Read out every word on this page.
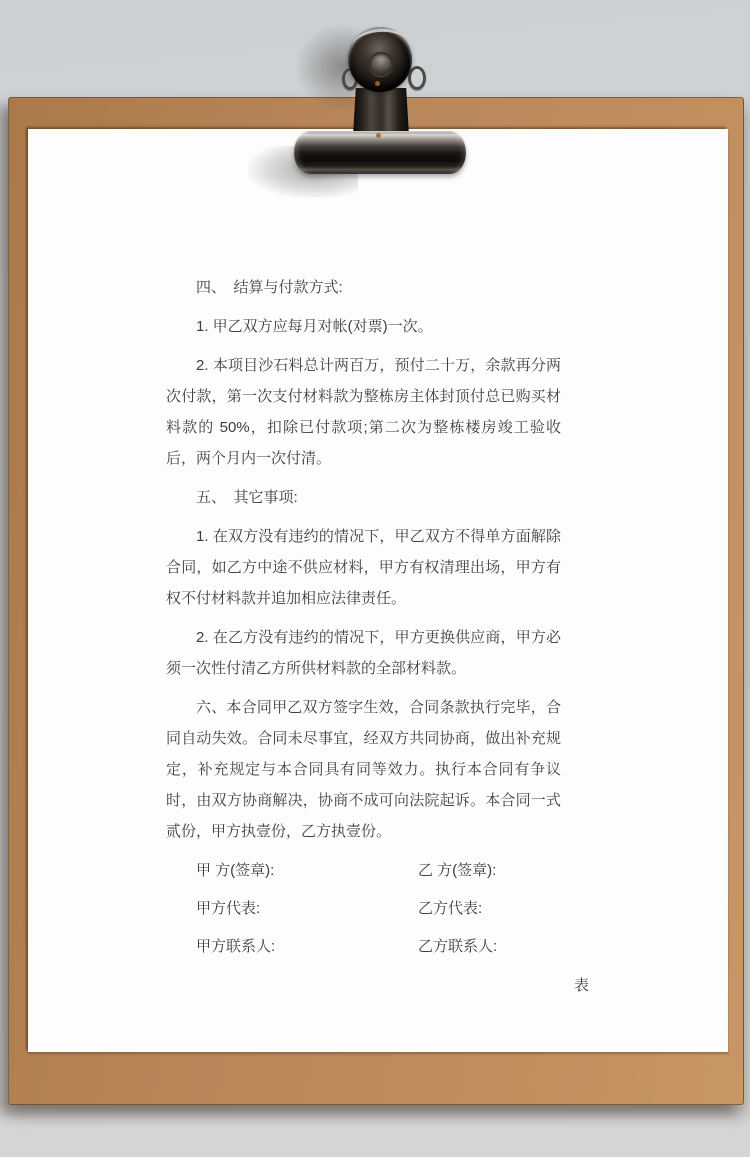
四、　结算与付款方式:

1. 甲乙双方应每月对帐(对票)一次。

2. 本项目沙石料总计两百万，预付二十万，余款再分两次付款，第一次支付材料款为整栋房主体封顶付总已购买材料款的 50%，扣除已付款项;第二次为整栋楼房竣工验收后，两个月内一次付清。

五、　其它事项:

1. 在双方没有违约的情况下，甲乙双方不得单方面解除合同，如乙方中途不供应材料，甲方有权清理出场，甲方有权不付材料款并追加相应法律责任。

2. 在乙方没有违约的情况下，甲方更换供应商，甲方必须一次性付清乙方所供材料款的全部材料款。

六、本合同甲乙双方签字生效，合同条款执行完毕，合同自动失效。合同未尽事宜，经双方共同协商，做出补充规定，补充规定与本合同具有同等效力。执行本合同有争议时，由双方协商解决，协商不成可向法院起诉。本合同一式贰份，甲方执壹份，乙方执壹份。

甲 方(签章):	乙 方(签章):
甲方代表:	乙方代表:
甲方联系人:	乙方联系人:
表
